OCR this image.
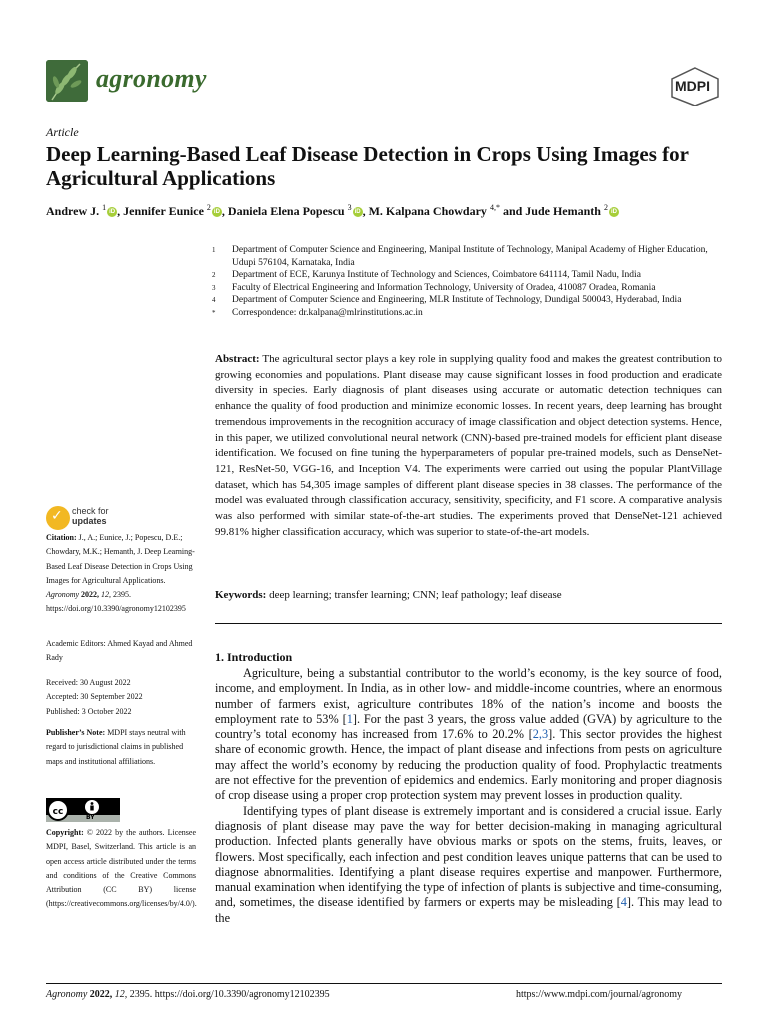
agronomy	MDPI
Article
Deep Learning-Based Leaf Disease Detection in Crops Using Images for Agricultural Applications
Andrew J. $^1$iD , Jennifer Eunice $^2$iD , Daniela Elena Popescu $^3$iD , M. Kalpana Chowdary $^{4,*}$ and Jude Hemanth $^2$iD
1	Department of Computer Science and Engineering, Manipal Institute of Technology, Manipal Academy of Higher Education, Udupi 576104, Karnataka, India
2	Department of ECE, Karunya Institute of Technology and Sciences, Coimbatore 641114, Tamil Nadu, India
3	Faculty of Electrical Engineering and Information Technology, University of Oradea, 410087 Oradea, Romania
4	Department of Computer Science and Engineering, MLR Institute of Technology, Dundigal 500043, Hyderabad, India
*	Correspondence: dr.kalpana@mlrinstitutions.ac.in
Abstract: The agricultural sector plays a key role in supplying quality food and makes the greatest contribution to growing economies and populations. Plant disease may cause significant losses in food production and eradicate diversity in species. Early diagnosis of plant diseases using accurate or automatic detection techniques can enhance the quality of food production and minimize economic losses. In recent years, deep learning has brought tremendous improvements in the recognition accuracy of image classification and object detection systems. Hence, in this paper, we utilized convolutional neural network (CNN)-based pre-trained models for efficient plant disease identification. We focused on fine tuning the hyperparameters of popular pre-trained models, such as DenseNet-121, ResNet-50, VGG-16, and Inception V4. The experiments were carried out using the popular PlantVillage dataset, which has 54,305 image samples of different plant disease species in 38 classes. The performance of the model was evaluated through classification accuracy, sensitivity, specificity, and F1 score. A comparative analysis was also performed with similar state-of-the-art studies. The experiments proved that DenseNet-121 achieved 99.81% higher classification accuracy, which was superior to state-of-the-art models.
Keywords: deep learning; transfer learning; CNN; leaf pathology; leaf disease
✓ check for
updates
Citation: J., A.; Eunice, J.; Popescu, D.E.; Chowdary, M.K.; Hemanth, J. Deep Learning-Based Leaf Disease Detection in Crops Using Images for Agricultural Applications. Agronomy 2022, 12, 2395. https://doi.org/10.3390/agronomy12102395
Academic Editors: Ahmed Kayad and Ahmed Rady
Received: 30 August 2022
Accepted: 30 September 2022
Published: 3 October 2022
Publisher’s Note: MDPI stays neutral with regard to jurisdictional claims in published maps and institutional affiliations.
cc
BY
Copyright: © 2022 by the authors. Licensee MDPI, Basel, Switzerland. This article is an open access article distributed under the terms and conditions of the Creative Commons Attribution (CC BY) license (https://creativecommons.org/licenses/by/4.0/).
1. Introduction

Agriculture, being a substantial contributor to the world’s economy, is the key source of food, income, and employment. In India, as in other low- and middle-income countries, where an enormous number of farmers exist, agriculture contributes 18% of the nation’s income and boosts the employment rate to 53% [1]. For the past 3 years, the gross value added (GVA) by agriculture to the country’s total economy has increased from 17.6% to 20.2% [2,3]. This sector provides the highest share of economic growth. Hence, the impact of plant disease and infections from pests on agriculture may affect the world’s economy by reducing the production quality of food. Prophylactic treatments are not effective for the prevention of epidemics and endemics. Early monitoring and proper diagnosis of crop disease using a proper crop protection system may prevent losses in production quality.

Identifying types of plant disease is extremely important and is considered a crucial issue. Early diagnosis of plant disease may pave the way for better decision-making in managing agricultural production. Infected plants generally have obvious marks or spots on the stems, fruits, leaves, or flowers. Most specifically, each infection and pest condition leaves unique patterns that can be used to diagnose abnormalities. Identifying a plant disease requires expertise and manpower. Furthermore, manual examination when identifying the type of infection of plants is subjective and time-consuming, and, sometimes, the disease identified by farmers or experts may be misleading [4]. This may lead to the

Agronomy 2022, 12, 2395. https://doi.org/10.3390/agronomy12102395	https://www.mdpi.com/journal/agronomy
